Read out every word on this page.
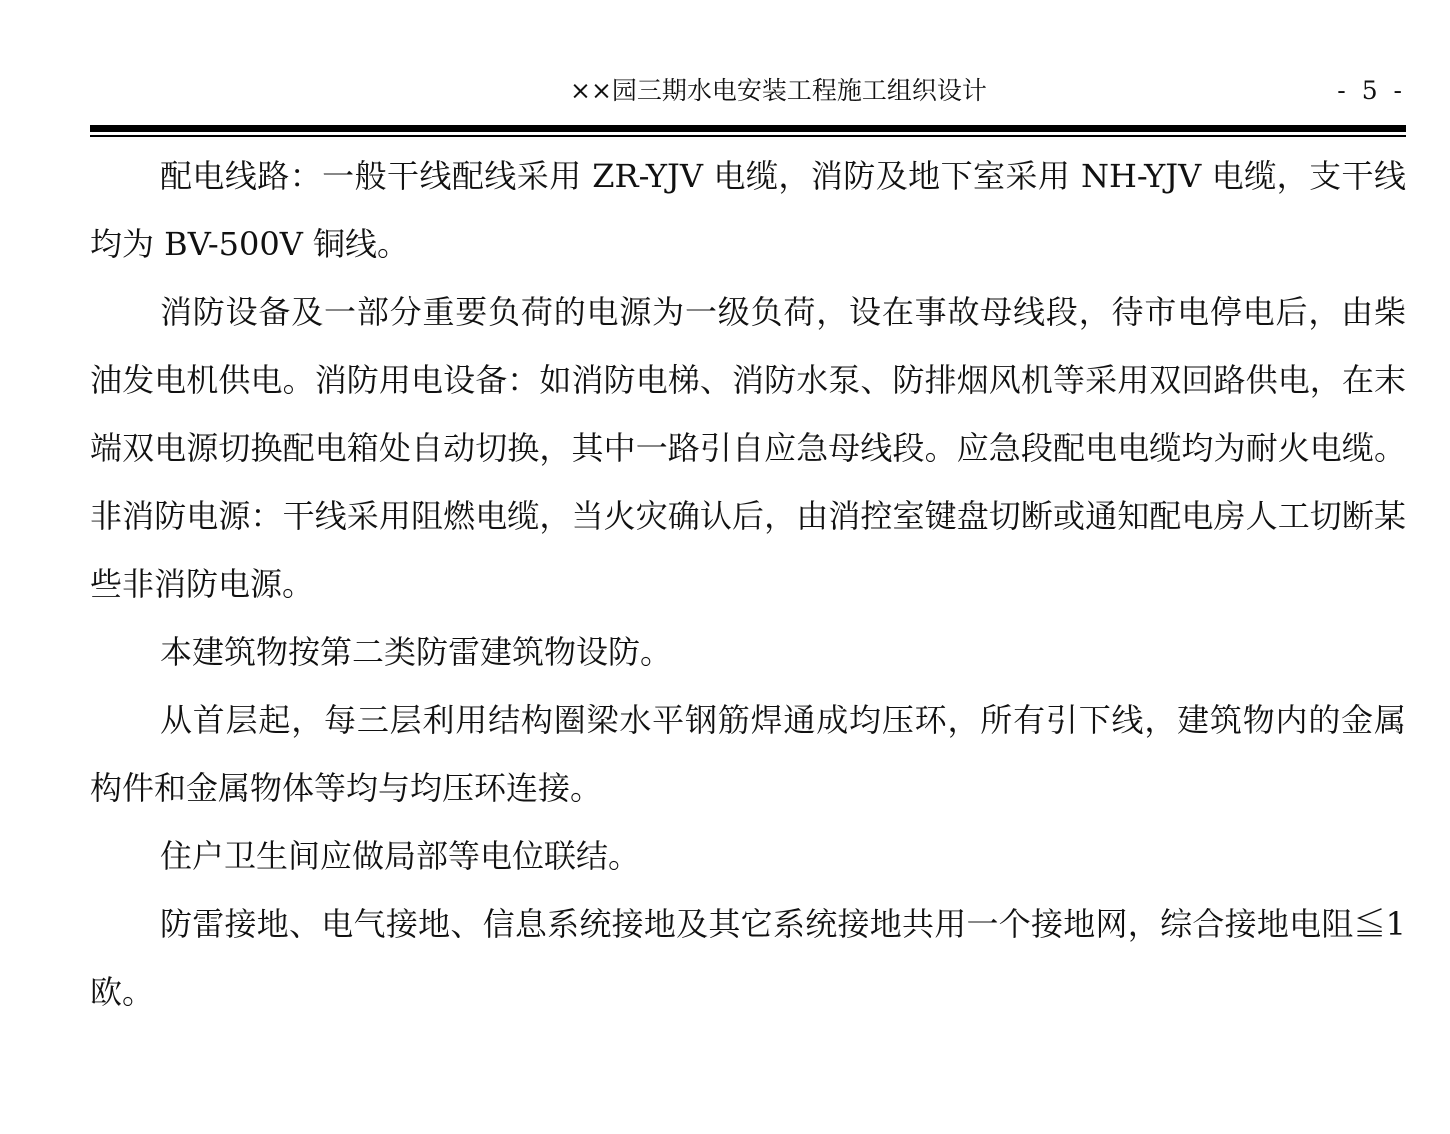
××园三期水电安装工程施工组织设计	- 5 -

配电线路：一般干线配线采用 ZR-YJV 电缆，消防及地下室采用 NH-YJV 电缆，支干线均为 BV-500V 铜线。

消防设备及一部分重要负荷的电源为一级负荷，设在事故母线段，待市电停电后，由柴油发电机供电。消防用电设备：如消防电梯、消防水泵、防排烟风机等采用双回路供电，在末端双电源切换配电箱处自动切换，其中一路引自应急母线段。应急段配电电缆均为耐火电缆。非消防电源：干线采用阻燃电缆，当火灾确认后，由消控室键盘切断或通知配电房人工切断某些非消防电源。

本建筑物按第二类防雷建筑物设防。

从首层起，每三层利用结构圈梁水平钢筋焊通成均压环，所有引下线，建筑物内的金属构件和金属物体等均与均压环连接。

住户卫生间应做局部等电位联结。

防雷接地、电气接地、信息系统接地及其它系统接地共用一个接地网，综合接地电阻≦1 欧。
